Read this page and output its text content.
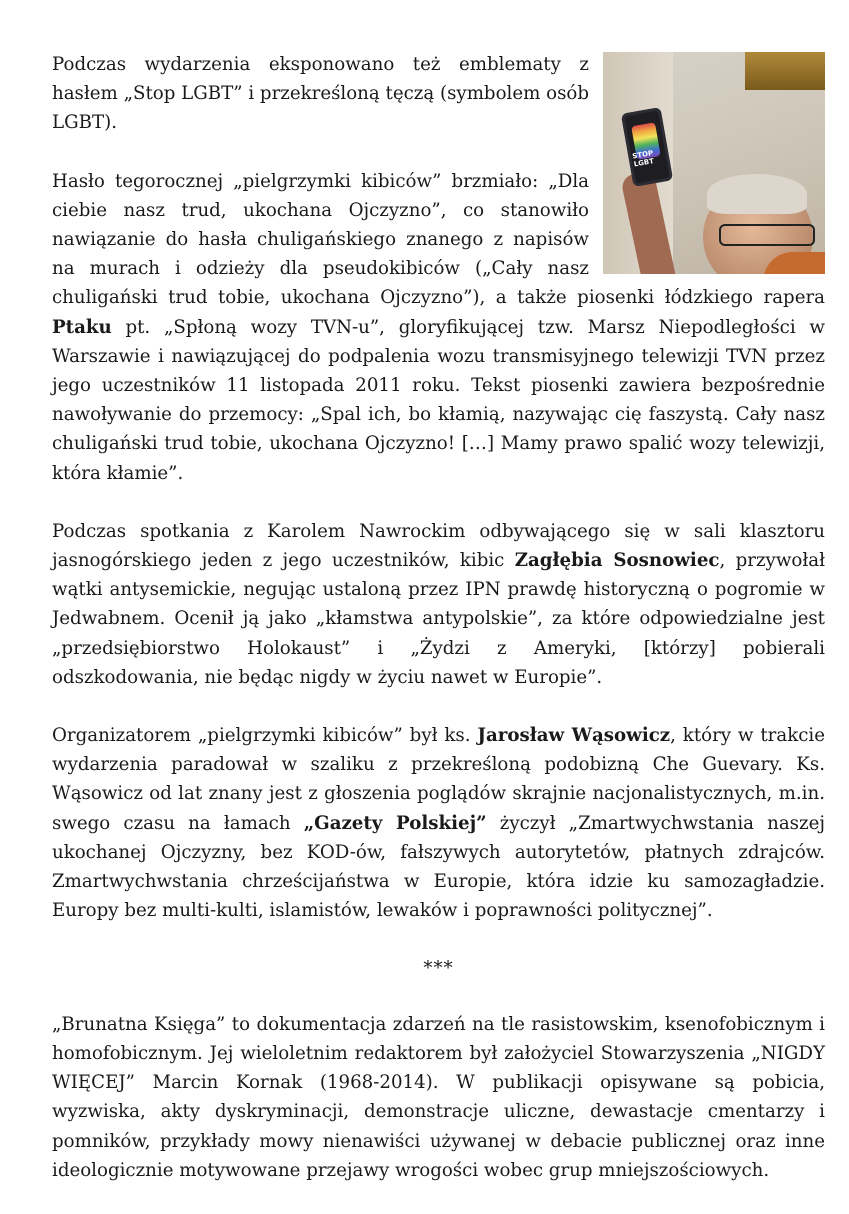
STOP LGBT

Podczas wydarzenia eksponowano też emblematy z hasłem „Stop LGBT” i przekreśloną tęczą (symbolem osób LGBT).

Hasło tegorocznej „pielgrzymki kibiców” brzmiało: „Dla ciebie nasz trud, ukochana Ojczyzno”, co stanowiło nawiązanie do hasła chuligańskiego znanego z napisów na murach i odzieży dla pseudokibiców („Cały nasz chuligański trud tobie, ukochana Ojczyzno”), a także piosenki łódzkiego rapera Ptaku pt. „Spłoną wozy TVN-u”, gloryfikującej tzw. Marsz Niepodległości w Warszawie i nawiązującej do podpalenia wozu transmisyjnego telewizji TVN przez jego uczestników 11 listopada 2011 roku. Tekst piosenki zawiera bezpośrednie nawoływanie do przemocy: „Spal ich, bo kłamią, nazywając cię faszystą. Cały nasz chuligański trud tobie, ukochana Ojczyzno! […] Mamy prawo spalić wozy telewizji, która kłamie”.

Podczas spotkania z Karolem Nawrockim odbywającego się w sali klasztoru jasnogórskiego jeden z jego uczestników, kibic Zagłębia Sosnowiec, przywołał wątki antysemickie, negując ustaloną przez IPN prawdę historyczną o pogromie w Jedwabnem. Ocenił ją jako „kłamstwa antypolskie”, za które odpowiedzialne jest „przedsiębiorstwo Holokaust” i „Żydzi z Ameryki, [którzy] pobierali odszkodowania, nie będąc nigdy w życiu nawet w Europie”.

Organizatorem „pielgrzymki kibiców” był ks. Jarosław Wąsowicz, który w trakcie wydarzenia paradował w szaliku z przekreśloną podobizną Che Guevary. Ks. Wąsowicz od lat znany jest z głoszenia poglądów skrajnie nacjonalistycznych, m.in. swego czasu na łamach „Gazety Polskiej” życzył „Zmartwychwstania naszej ukochanej Ojczyzny, bez KOD-ów, fałszywych autorytetów, płatnych zdrajców. Zmartwychwstania chrześcijaństwa w Europie, która idzie ku samozagładzie. Europy bez multi-kulti, islamistów, lewaków i poprawności politycznej”.

***

„Brunatna Księga” to dokumentacja zdarzeń na tle rasistowskim, ksenofobicznym i homofobicznym. Jej wieloletnim redaktorem był założyciel Stowarzyszenia „NIGDY WIĘCEJ” Marcin Kornak (1968-2014). W publikacji opisywane są pobicia, wyzwiska, akty dyskryminacji, demonstracje uliczne, dewastacje cmentarzy i pomników, przykłady mowy nienawiści używanej w debacie publicznej oraz inne ideologicznie motywowane przejawy wrogości wobec grup mniejszościowych.
